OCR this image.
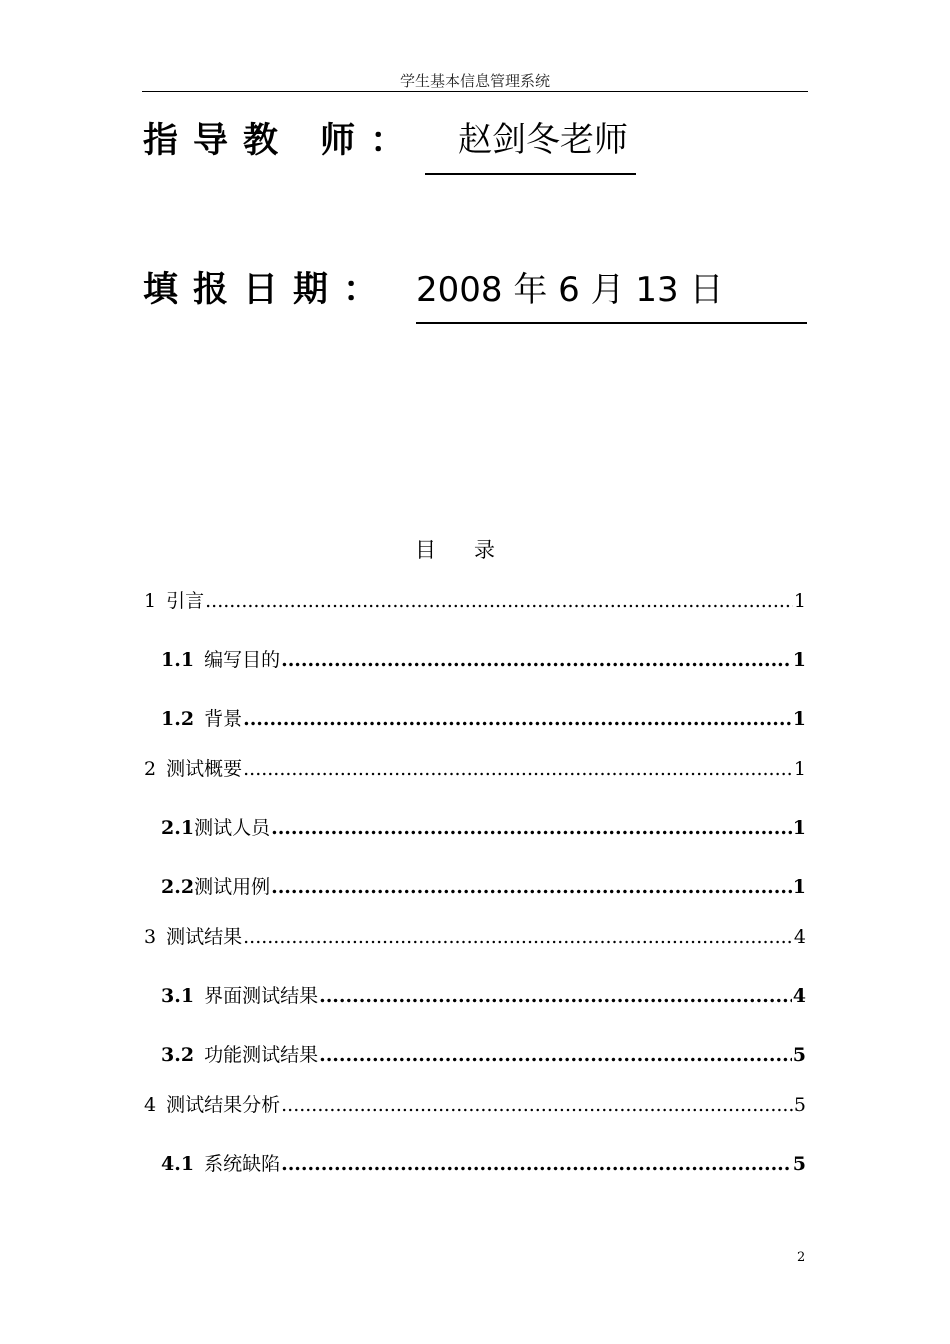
学生基本信息管理系统
指导教 师： 赵剑冬老师
填报日期： 2008 年 6 月 13 日
目 录
1 引言 .....	1
1.1 编写目的 .....	1
1.2 背景 .....	1
2 测试概要 .....	1
2.1 测试人员 .....	1
2.2 测试用例 .....	1
3 测试结果 .....	4
3.1 界面测试结果 .....	4
3.2 功能测试结果 .....	5
4 测试结果分析 .....	5
4.1 系统缺陷 .....	5
2
